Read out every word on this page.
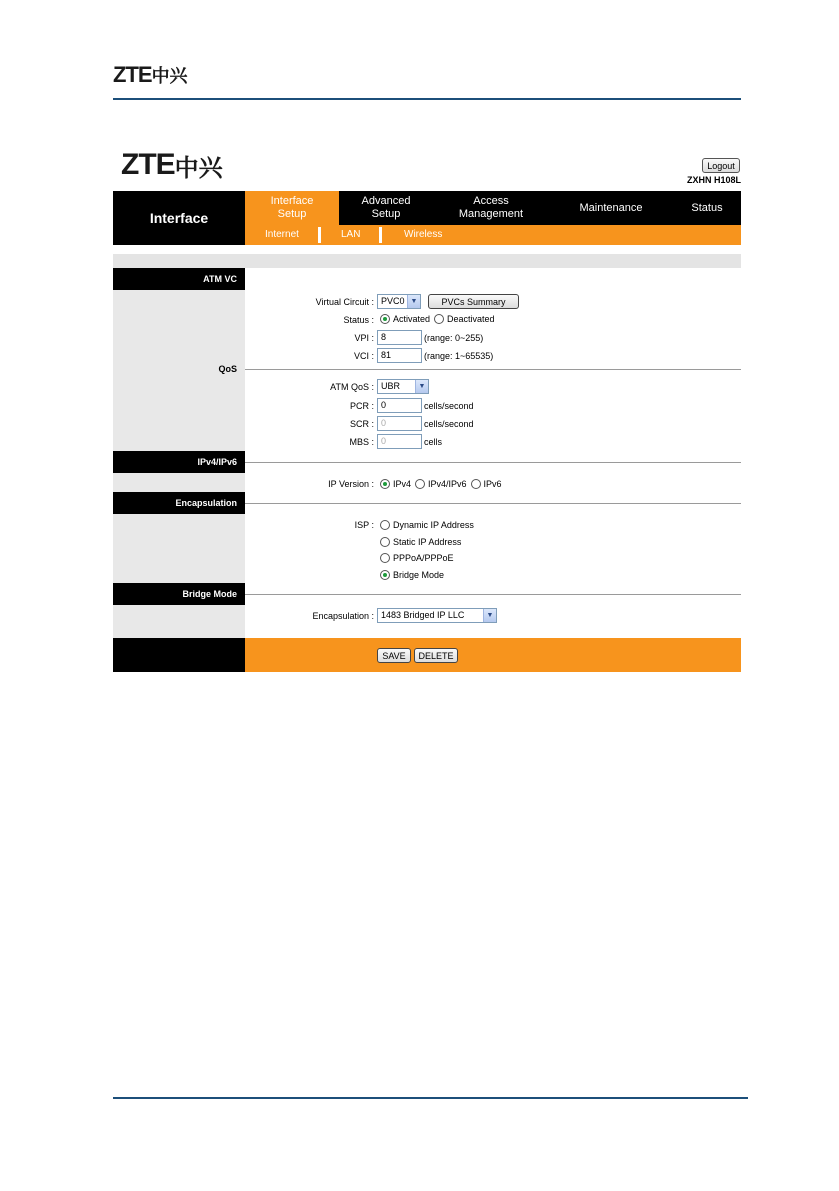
ZTE 中兴
ZTE 中兴	Logout
ZXHN H108L
Interface
Interface
Setup
Advanced
Setup
Access
Management
Maintenance	Status
Internet	LAN	Wireless
ATM VC
QoS
IPv4/IPv6
Encapsulation
Bridge Mode
Virtual Circuit : PVC0 ▼	PVCs Summary
Status : Activated Deactivated
VPI : 8	(range: 0~255)
VCI : 81	(range: 1~65535)
ATM QoS : UBR	▼
PCR : 0	cells/second
SCR : 0	cells/second
MBS : 0	cells
IP Version : IPv4 IPv4/IPv6 IPv6
ISP : Dynamic IP Address
Static IP Address
PPPoA/PPPoE
Bridge Mode
Encapsulation : 1483 Bridged IP LLC	▼
SAVE	DELETE
